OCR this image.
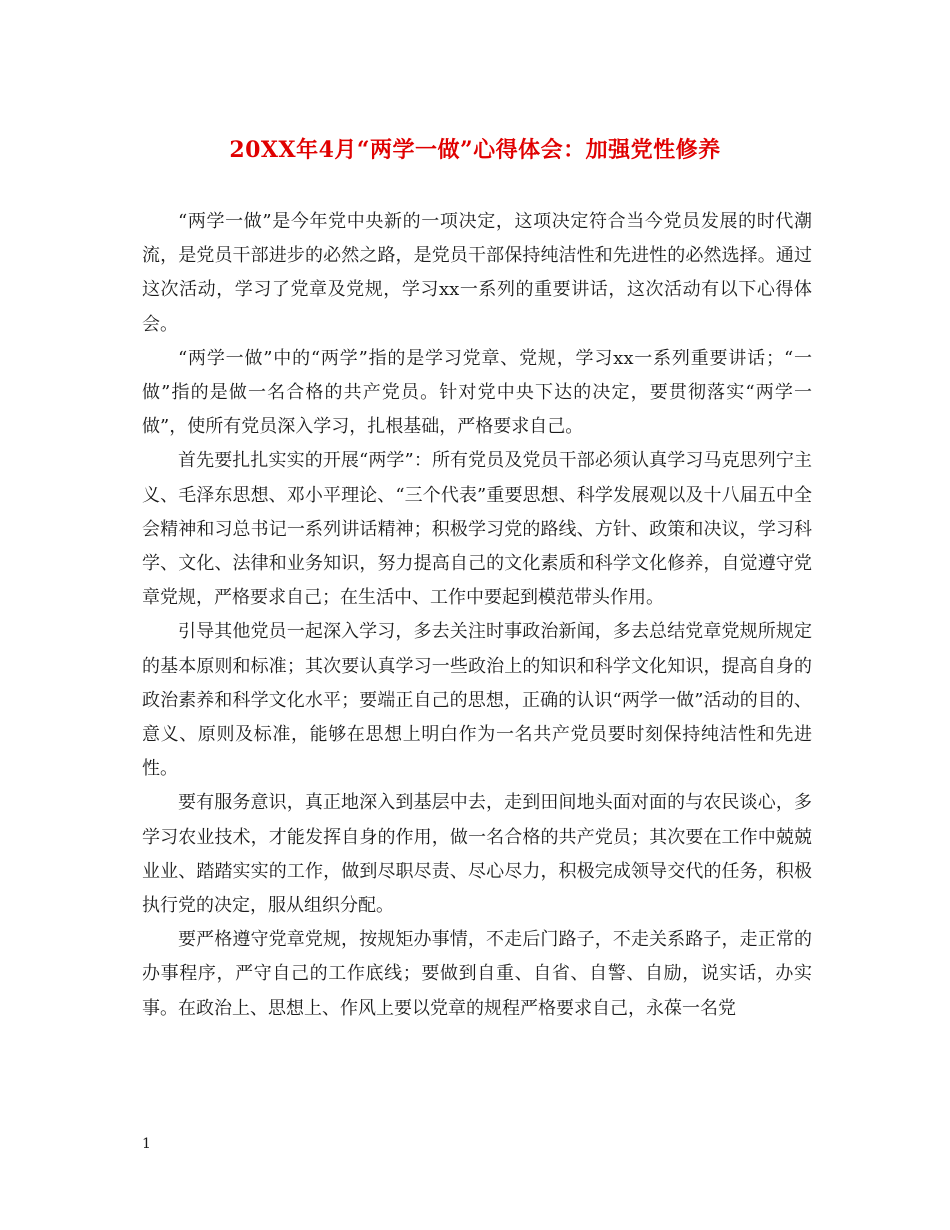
20XX年4月“两学一做”心得体会：加强党性修养

“两学一做”是今年党中央新的一项决定，这项决定符合当今党员发展的时代潮流，是党员干部进步的必然之路，是党员干部保持纯洁性和先进性的必然选择。通过这次活动，学习了党章及党规，学习xx一系列的重要讲话，这次活动有以下心得体会。

“两学一做”中的“两学”指的是学习党章、党规，学习xx一系列重要讲话；“一做”指的是做一名合格的共产党员。针对党中央下达的决定，要贯彻落实“两学一做”，使所有党员深入学习，扎根基础，严格要求自己。

首先要扎扎实实的开展“两学”：所有党员及党员干部必须认真学习马克思列宁主义、毛泽东思想、邓小平理论、“三个代表”重要思想、科学发展观以及十八届五中全会精神和习总书记一系列讲话精神；积极学习党的路线、方针、政策和决议，学习科学、文化、法律和业务知识，努力提高自己的文化素质和科学文化修养，自觉遵守党章党规，严格要求自己；在生活中、工作中要起到模范带头作用。

引导其他党员一起深入学习，多去关注时事政治新闻，多去总结党章党规所规定的基本原则和标准；其次要认真学习一些政治上的知识和科学文化知识，提高自身的政治素养和科学文化水平；要端正自己的思想，正确的认识“两学一做”活动的目的、意义、原则及标准，能够在思想上明白作为一名共产党员要时刻保持纯洁性和先进性。

要有服务意识，真正地深入到基层中去，走到田间地头面对面的与农民谈心，多学习农业技术，才能发挥自身的作用，做一名合格的共产党员；其次要在工作中兢兢业业、踏踏实实的工作，做到尽职尽责、尽心尽力，积极完成领导交代的任务，积极执行党的决定，服从组织分配。

要严格遵守党章党规，按规矩办事情，不走后门路子，不走关系路子，走正常的办事程序，严守自己的工作底线；要做到自重、自省、自警、自励，说实话，办实事。在政治上、思想上、作风上要以党章的规程严格要求自己，永葆一名党

1
